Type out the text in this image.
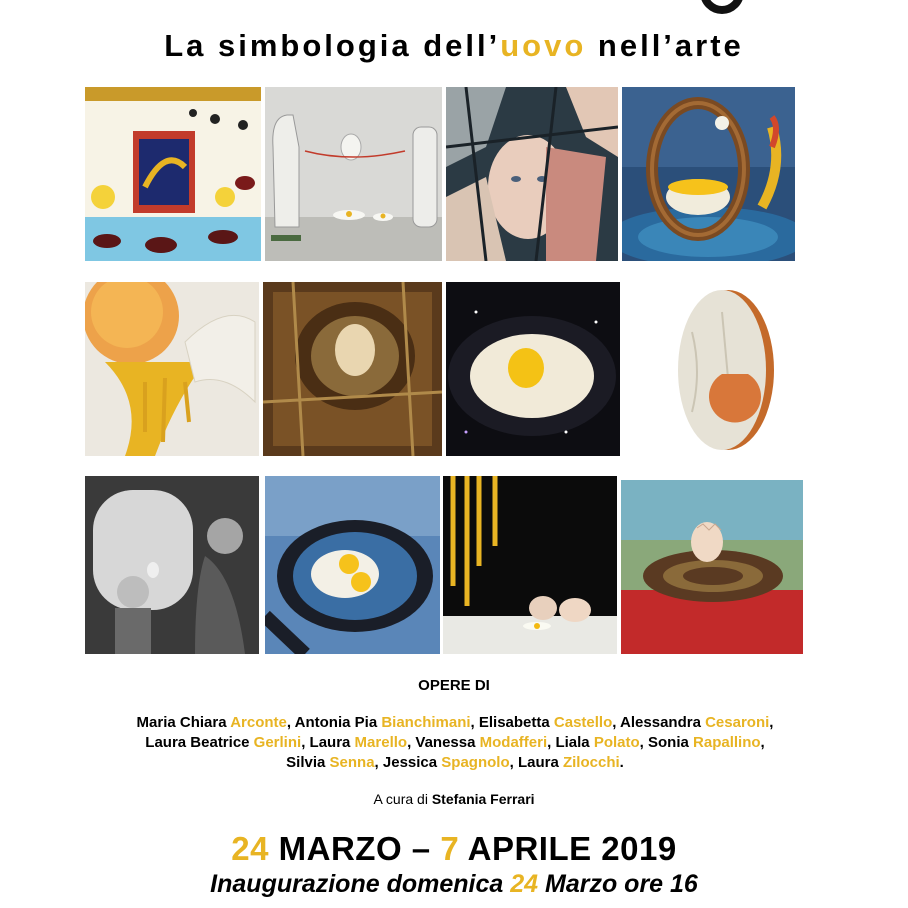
La simbologia dell’uovo nell’arte
OPERE DI
Maria Chiara Arconte, Antonia Pia Bianchimani, Elisabetta Castello, Alessandra Cesaroni,
Laura Beatrice Gerlini, Laura Marello, Vanessa Modafferi, Liala Polato, Sonia Rapallino,
Silvia Senna, Jessica Spagnolo, Laura Zilocchi.
A cura di Stefania Ferrari
24 MARZO – 7 APRILE 2019
Inaugurazione domenica 24 Marzo ore 16
